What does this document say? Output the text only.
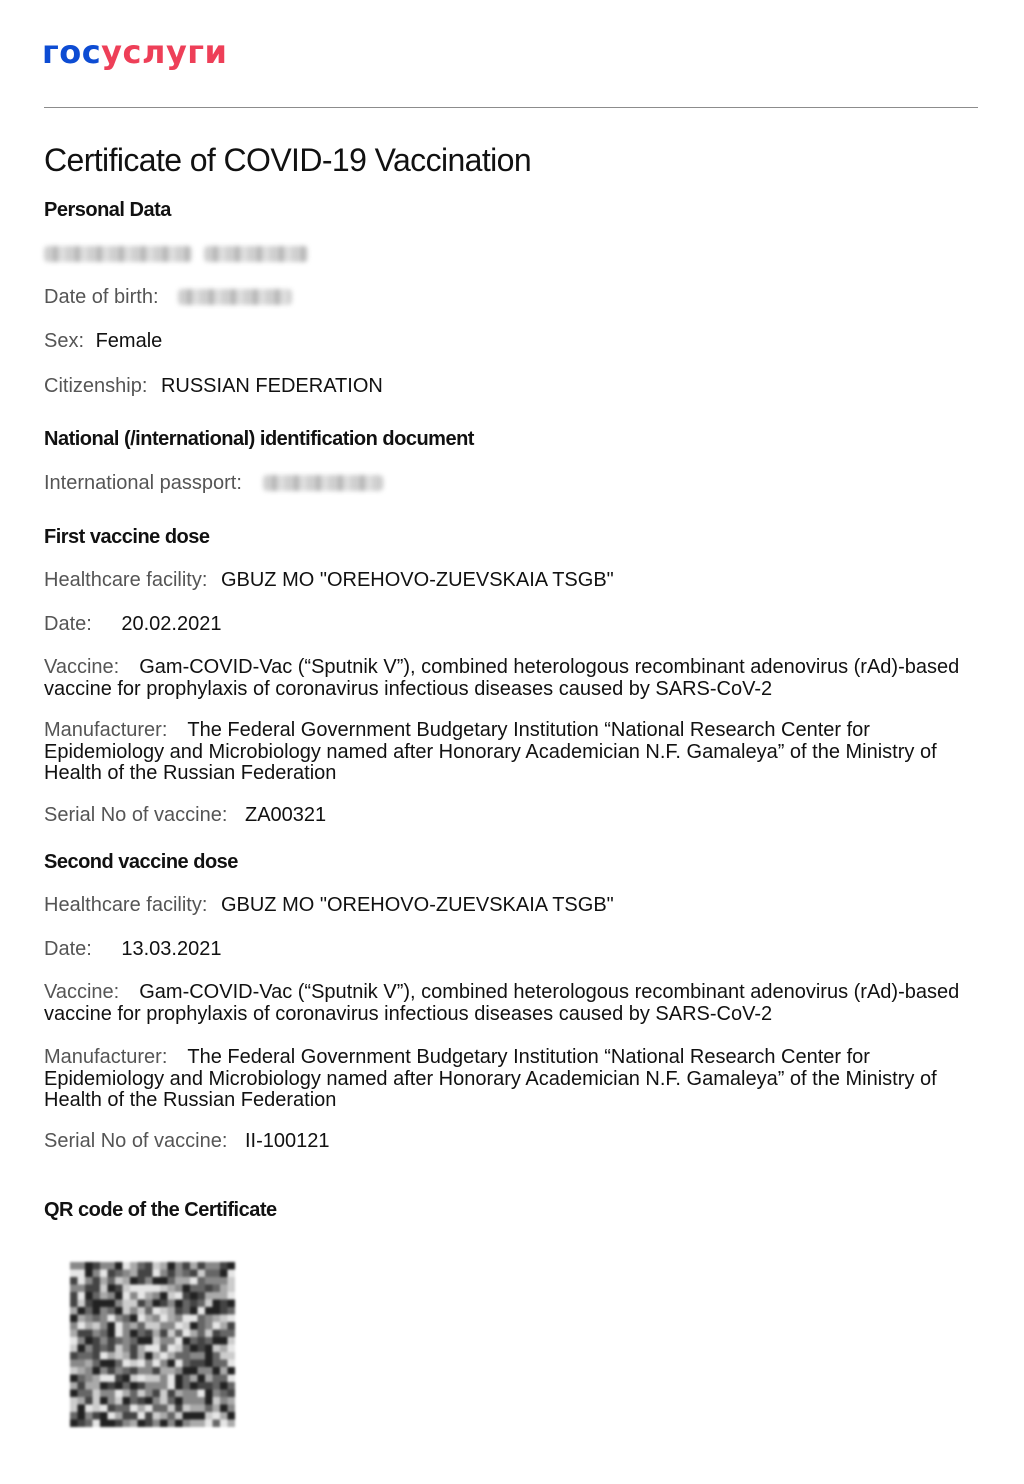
госуслуги
Certificate of COVID-19 Vaccination
Personal Data

Date of birth:
Sex: Female
Citizenship: RUSSIAN FEDERATION
National (/international) identification document
International passport:
First vaccine dose
Healthcare facility: GBUZ MO "OREHOVO-ZUEVSKAIA TSGB"
Date: 20.02.2021
Vaccine: Gam-COVID-Vac (“Sputnik V”), combined heterologous recombinant adenovirus (rAd)-based vaccine for prophylaxis of coronavirus infectious diseases caused by SARS-CoV-2
Manufacturer: The Federal Government Budgetary Institution “National Research Center for Epidemiology and Microbiology named after Honorary Academician N.F. Gamaleya” of the Ministry of Health of the Russian Federation
Serial No of vaccine: ZA00321
Second vaccine dose
Healthcare facility: GBUZ MO "OREHOVO-ZUEVSKAIA TSGB"
Date: 13.03.2021
Vaccine: Gam-COVID-Vac (“Sputnik V”), combined heterologous recombinant adenovirus (rAd)-based vaccine for prophylaxis of coronavirus infectious diseases caused by SARS-CoV-2
Manufacturer: The Federal Government Budgetary Institution “National Research Center for Epidemiology and Microbiology named after Honorary Academician N.F. Gamaleya” of the Ministry of Health of the Russian Federation
Serial No of vaccine: II-100121
QR code of the Certificate
